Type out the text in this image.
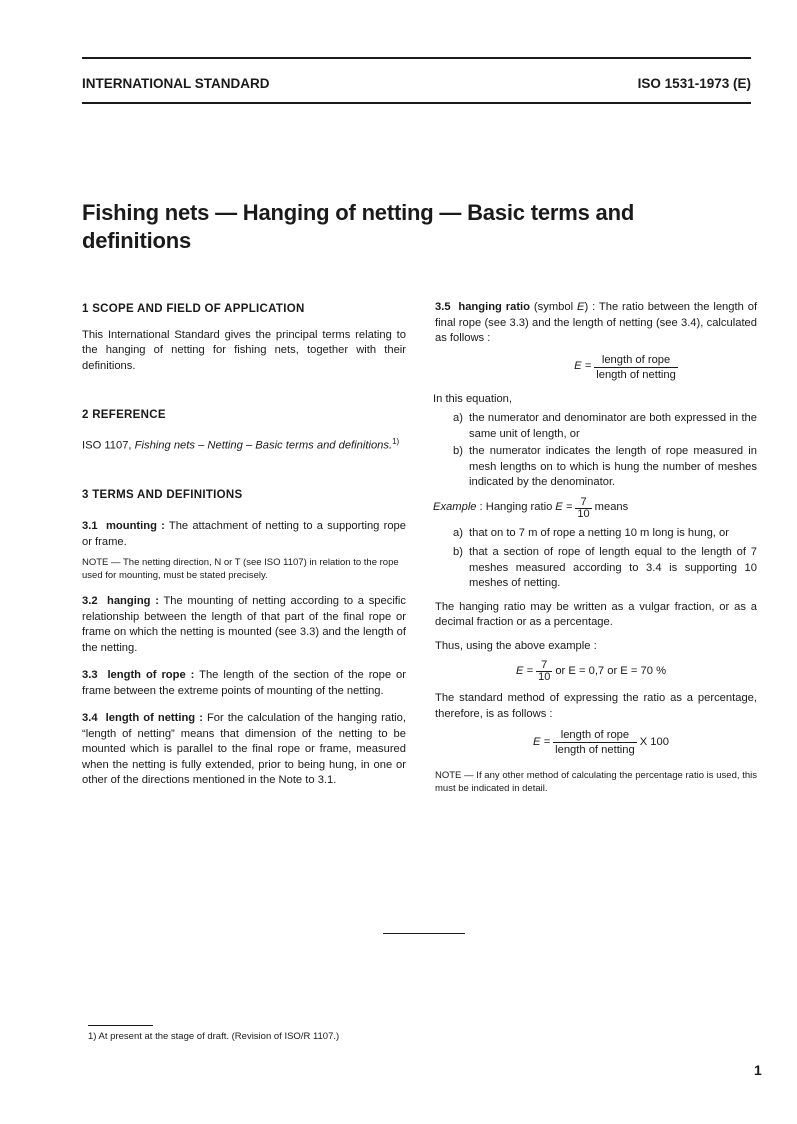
INTERNATIONAL STANDARD	ISO 1531-1973 (E)
Fishing nets — Hanging of netting — Basic terms and definitions

1 SCOPE AND FIELD OF APPLICATION

This International Standard gives the principal terms relating to the hanging of netting for fishing nets, together with their definitions.

2 REFERENCE

ISO 1107, Fishing nets – Netting – Basic terms and definitions.$^{1)}$

3 TERMS AND DEFINITIONS

3.1 mounting : The attachment of netting to a supporting rope or frame.

NOTE — The netting direction, N or T (see ISO 1107) in relation to the rope used for mounting, must be stated precisely.

3.2 hanging : The mounting of netting according to a specific relationship between the length of that part of the final rope or frame on which the netting is mounted (see 3.3) and the length of the netting.

3.3 length of rope : The length of the section of the rope or frame between the extreme points of mounting of the netting.

3.4 length of netting : For the calculation of the hanging ratio, “length of netting” means that dimension of the netting to be mounted which is parallel to the final rope or frame, measured when the netting is fully extended, prior to being hung, in one or other of the directions mentioned in the Note to 3.1.

3.5 hanging ratio (symbol E) : The ratio between the length of final rope (see 3.3) and the length of netting (see 3.4), calculated as follows :

$E = \frac{\text{length of rope}}{\text{length of netting}}$

In this equation,

a) the numerator and denominator are both expressed in the same unit of length, or

b) the numerator indicates the length of rope measured in mesh lengths on to which is hung the number of meshes indicated by the denominator.

Example : Hanging ratio $E = \frac{7}{10}$ means

a) that on to 7 m of rope a netting 10 m long is hung, or

b) that a section of rope of length equal to the length of 7 meshes measured according to 3.4 is supporting 10 meshes of netting.

The hanging ratio may be written as a vulgar fraction, or as a decimal fraction or as a percentage.

Thus, using the above example :

$E = \frac{7}{10}$ or E = 0,7 or E = 70 %

The standard method of expressing the ratio as a percentage, therefore, is as follows :

$E = \frac{\text{length of rope}}{\text{length of netting}}$ X 100

NOTE — If any other method of calculating the percentage ratio is used, this must be indicated in detail.

1) At present at the stage of draft. (Revision of ISO/R 1107.)
1
